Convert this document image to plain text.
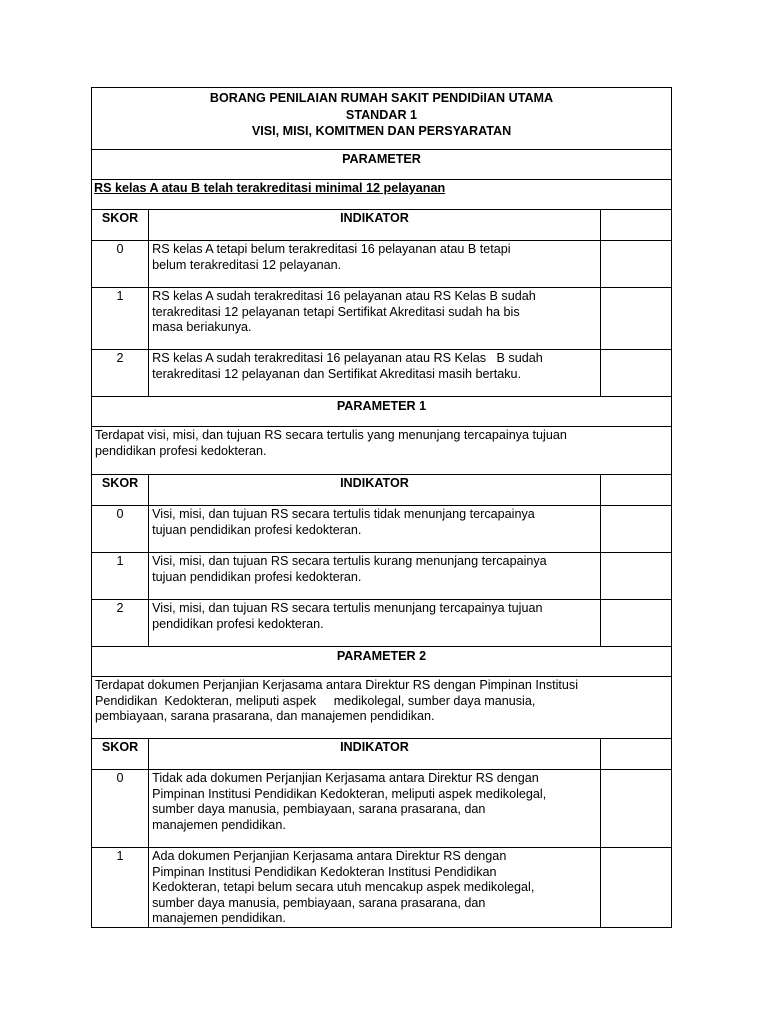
BORANG PENILAIAN RUMAH SAKIT PENDIDiIAN UTAMA
STANDAR 1
VISI, MISI, KOMITMEN DAN PERSYARATAN		

PARAMETER		
RS kelas A atau B telah terakreditasi minimal 12 pelayanan		
SKOR	INDIKATOR	
0	RS kelas A tetapi belum terakreditasi 16 pelayanan atau B tetapi
belum terakreditasi 12 pelayanan.	

1	RS kelas A sudah terakreditasi 16 pelayanan atau RS Kelas B sudah
terakreditasi 12 pelayanan tetapi Sertifikat Akreditasi sudah ha bis
masa beriakunya.	

2	RS kelas A sudah terakreditasi 16 pelayanan atau RS Kelas   B sudah
terakreditasi 12 pelayanan dan Sertifikat Akreditasi masih bertaku.	

PARAMETER 1		

Terdapat visi, misi, dan tujuan RS secara tertulis yang menunjang tercapainya tujuan
pendidikan profesi kedokteran.		

SKOR	INDIKATOR	
0	Visi, misi, dan tujuan RS secara tertulis tidak menunjang tercapainya
tujuan pendidikan profesi kedokteran.	

1	Visi, misi, dan tujuan RS secara tertulis kurang menunjang tercapainya
tujuan pendidikan profesi kedokteran.	

2	Visi, misi, dan tujuan RS secara tertulis menunjang tercapainya tujuan
pendidikan profesi kedokteran.	

PARAMETER 2		

Terdapat dokumen Perjanjian Kerjasama antara Direktur RS dengan Pimpinan Institusi
Pendidikan  Kedokteran, meliputi aspek     medikolegal, sumber daya manusia,
pembiayaan, sarana prasarana, dan manajemen pendidikan.		

SKOR	INDIKATOR	
0	Tidak ada dokumen Perjanjian Kerjasama antara Direktur RS dengan
Pimpinan Institusi Pendidikan Kedokteran, meliputi aspek medikolegal,
sumber daya manusia, pembiayaan, sarana prasarana, dan
manajemen pendidikan.	

1	Ada dokumen Perjanjian Kerjasama antara Direktur RS dengan
Pimpinan Institusi Pendidikan Kedokteran Institusi Pendidikan
Kedokteran, tetapi belum secara utuh mencakup aspek medikolegal,
sumber daya manusia, pembiayaan, sarana prasarana, dan
manajemen pendidikan.	
